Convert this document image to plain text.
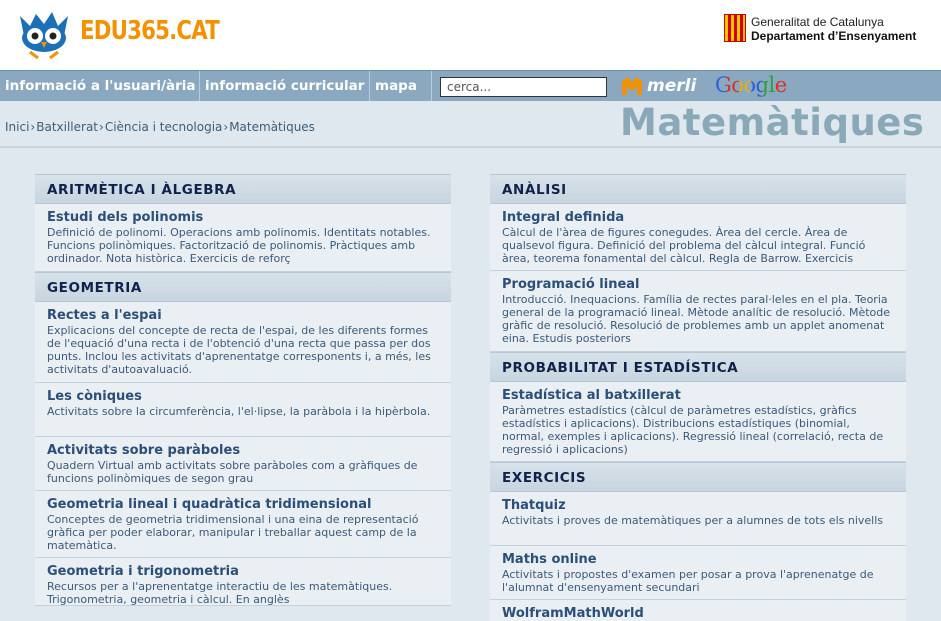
EDU365.CAT	Generalitat de Catalunya
Departament d’Ensenyament
informació a l'usuari/ària informació curricular mapa	cerca...	merli Google
Inici›Batxillerat›Ciència i tecnologia›Matemàtiques	Matemàtiques
ARITMÈTICA I ÀLGEBRA
Estudi dels polinomis
Definició de polinomi. Operacions amb polinomis. Identitats notables. Funcions polinòmiques. Factorització de polinomis. Pràctiques amb ordinador. Nota històrica. Exercicis de reforç
GEOMETRIA
Rectes a l'espai
Explicacions del concepte de recta de l'espai, de les diferents formes de l'equació d'una recta i de l'obtenció d'una recta que passa per dos punts. Inclou les activitats d'aprenentatge corresponents i, a més, les activitats d'autoavaluació.
Les còniques
Activitats sobre la circumferència, l'el·lipse, la paràbola i la hipèrbola.
Activitats sobre paràboles
Quadern Virtual amb activitats sobre paràboles com a gràfiques de funcions polinòmiques de segon grau
Geometria lineal i quadràtica tridimensional
Conceptes de geometria tridimensional i una eina de representació gràfica per poder elaborar, manipular i treballar aquest camp de la matemàtica.
Geometria i trigonometria
Recursos per a l'aprenentatge interactiu de les matemàtiques. Trigonometria, geometria i càlcul. En anglès
ANÀLISI
Integral definida
Càlcul de l'àrea de figures conegudes. Àrea del cercle. Àrea de qualsevol figura. Definició del problema del càlcul integral. Funció àrea, teorema fonamental del càlcul. Regla de Barrow. Exercicis
Programació lineal
Introducció. Inequacions. Família de rectes paral·leles en el pla. Teoria general de la programació lineal. Mètode analític de resolució. Mètode gràfic de resolució. Resolució de problemes amb un applet anomenat eina. Estudis posteriors
PROBABILITAT I ESTADÍSTICA
Estadística al batxillerat
Paràmetres estadístics (càlcul de paràmetres estadístics, gràfics estadístics i aplicacions). Distribucions estadístiques (binomial, normal, exemples i aplicacions). Regressió lineal (correlació, recta de regressió i aplicacions)
EXERCICIS
Thatquiz
Activitats i proves de matemàtiques per a alumnes de tots els nivells
Maths online
Activitats i propostes d'examen per posar a prova l'aprenenatge de l'alumnat d'ensenyament secundari
WolframMathWorld
